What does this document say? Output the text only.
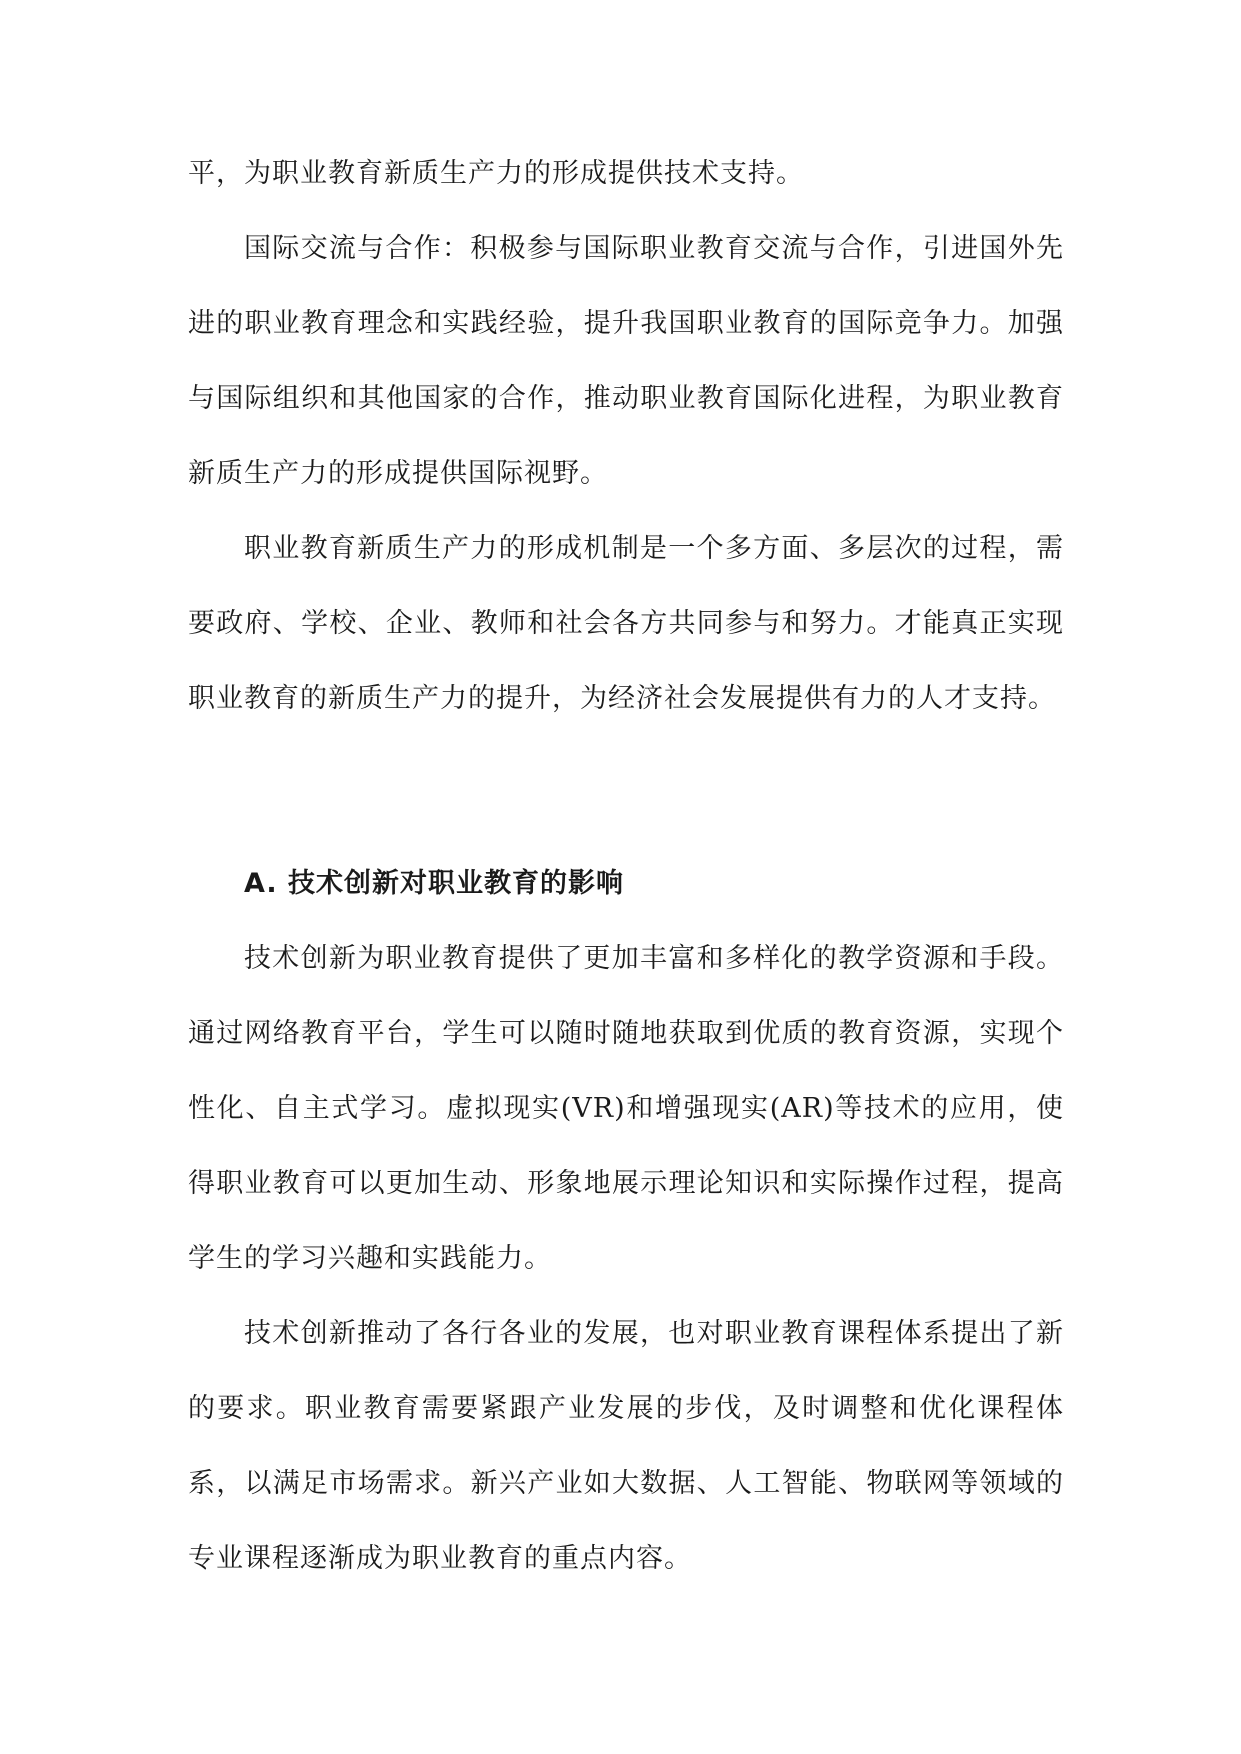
平，为职业教育新质生产力的形成提供技术支持。

国际交流与合作：积极参与国际职业教育交流与合作，引进国外先进的职业教育理念和实践经验，提升我国职业教育的国际竞争力。加强与国际组织和其他国家的合作，推动职业教育国际化进程，为职业教育新质生产力的形成提供国际视野。

职业教育新质生产力的形成机制是一个多方面、多层次的过程，需要政府、学校、企业、教师和社会各方共同参与和努力。才能真正实现职业教育的新质生产力的提升，为经济社会发展提供有力的人才支持。

A. 技术创新对职业教育的影响

技术创新为职业教育提供了更加丰富和多样化的教学资源和手段。通过网络教育平台，学生可以随时随地获取到优质的教育资源，实现个性化、自主式学习。虚拟现实(VR)和增强现实(AR)等技术的应用，使得职业教育可以更加生动、形象地展示理论知识和实际操作过程，提高学生的学习兴趣和实践能力。

技术创新推动了各行各业的发展，也对职业教育课程体系提出了新的要求。职业教育需要紧跟产业发展的步伐，及时调整和优化课程体系，以满足市场需求。新兴产业如大数据、人工智能、物联网等领域的专业课程逐渐成为职业教育的重点内容。
